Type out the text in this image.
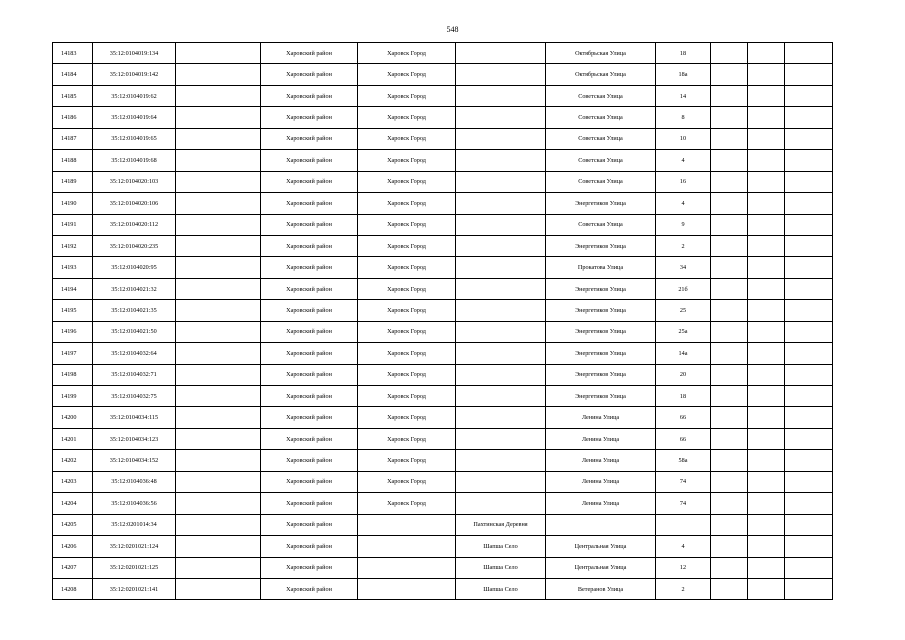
548
14183	35:12:0104019:134		Харовский район	Харовск Город		Октябрьская Улица	18			
14184	35:12:0104019:142		Харовский район	Харовск Город		Октябрьская Улица	18а			
14185	35:12:0104019:62		Харовский район	Харовск Город		Советская Улица	14			
14186	35:12:0104019:64		Харовский район	Харовск Город		Советская Улица	8			
14187	35:12:0104019:65		Харовский район	Харовск Город		Советская Улица	10			
14188	35:12:0104019:68		Харовский район	Харовск Город		Советская Улица	4			
14189	35:12:0104020:103		Харовский район	Харовск Город		Советская Улица	16			
14190	35:12:0104020:106		Харовский район	Харовск Город		Энергетиков Улица	4			
14191	35:12:0104020:112		Харовский район	Харовск Город		Советская Улица	9			
14192	35:12:0104020:235		Харовский район	Харовск Город		Энергетиков Улица	2			
14193	35:12:0104020:95		Харовский район	Харовск Город		Прокатова Улица	34			
14194	35:12:0104021:32		Харовский район	Харовск Город		Энергетиков Улица	21б			
14195	35:12:0104021:35		Харовский район	Харовск Город		Энергетиков Улица	25			
14196	35:12:0104021:50		Харовский район	Харовск Город		Энергетиков Улица	25а			
14197	35:12:0104032:64		Харовский район	Харовск Город		Энергетиков Улица	14а			
14198	35:12:0104032:71		Харовский район	Харовск Город		Энергетиков Улица	20			
14199	35:12:0104032:75		Харовский район	Харовск Город		Энергетиков Улица	18			
14200	35:12:0104034:115		Харовский район	Харовск Город		Ленина Улица	66			
14201	35:12:0104034:123		Харовский район	Харовск Город		Ленина Улица	66			
14202	35:12:0104034:152		Харовский район	Харовск Город		Ленина Улица	58а			
14203	35:12:0104036:48		Харовский район	Харовск Город		Ленина Улица	74			
14204	35:12:0104036:56		Харовский район	Харовск Город		Ленина Улица	74			
14205	35:12:0201014:34		Харовский район		Пахтинская Деревня					
14206	35:12:0201021:124		Харовский район		Шапша Село	Центральная Улица	4			
14207	35:12:0201021:125		Харовский район		Шапша Село	Центральная Улица	12			
14208	35:12:0201021:141		Харовский район		Шапша Село	Ветеранов Улица	2			
